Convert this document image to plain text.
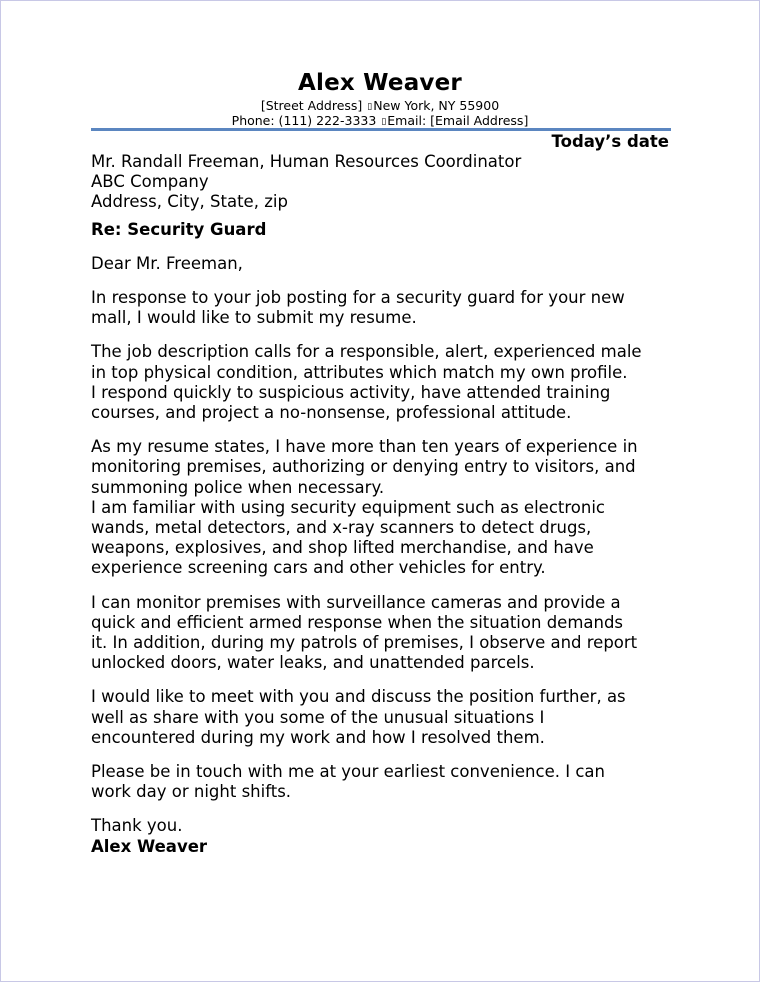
Alex Weaver
[Street Address] ▯New York, NY 55900
Phone: (111) 222-3333 ▯Email: [Email Address]
Today’s date
Mr. Randall Freeman, Human Resources Coordinator
ABC Company
Address, City, State, zip
Re: Security Guard
Dear Mr. Freeman,
In response to your job posting for a security guard for your new
mall, I would like to submit my resume.
The job description calls for a responsible, alert, experienced male
in top physical condition, attributes which match my own profile.
I respond quickly to suspicious activity, have attended training
courses, and project a no-nonsense, professional attitude.
As my resume states, I have more than ten years of experience in
monitoring premises, authorizing or denying entry to visitors, and
summoning police when necessary.
I am familiar with using security equipment such as electronic
wands, metal detectors, and x-ray scanners to detect drugs,
weapons, explosives, and shop lifted merchandise, and have
experience screening cars and other vehicles for entry.
I can monitor premises with surveillance cameras and provide a
quick and efficient armed response when the situation demands
it. In addition, during my patrols of premises, I observe and report
unlocked doors, water leaks, and unattended parcels.
I would like to meet with you and discuss the position further, as
well as share with you some of the unusual situations I
encountered during my work and how I resolved them.
Please be in touch with me at your earliest convenience. I can
work day or night shifts.
Thank you.
Alex Weaver
